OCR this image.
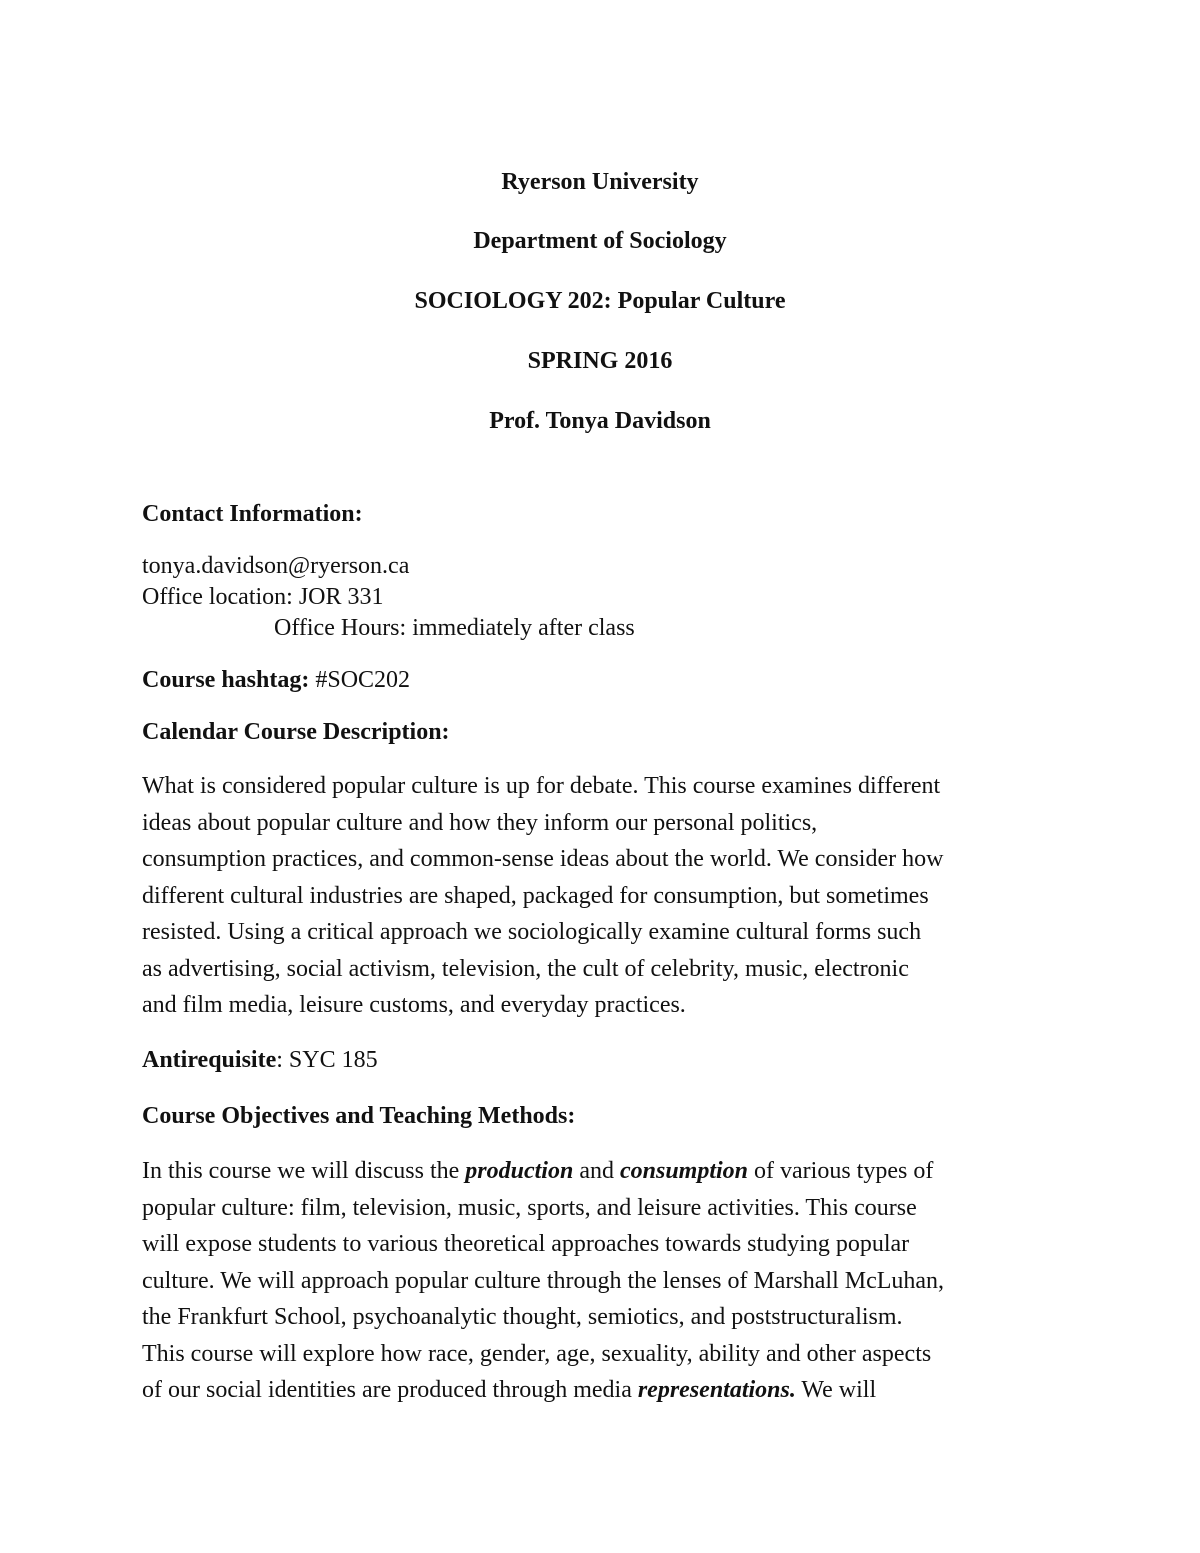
Ryerson University
Department of Sociology
SOCIOLOGY 202: Popular Culture
SPRING 2016
Prof. Tonya Davidson
Contact Information:
tonya.davidson@ryerson.ca
Office location: JOR 331
Office Hours: immediately after class
Course hashtag: #SOC202
Calendar Course Description:
What is considered popular culture is up for debate. This course examines different
ideas about popular culture and how they inform our personal politics,
consumption practices, and common-sense ideas about the world. We consider how
different cultural industries are shaped, packaged for consumption, but sometimes
resisted. Using a critical approach we sociologically examine cultural forms such
as advertising, social activism, television, the cult of celebrity, music, electronic
and film media, leisure customs, and everyday practices.
Antirequisite: SYC 185
Course Objectives and Teaching Methods:
In this course we will discuss the production and consumption of various types of
popular culture: film, television, music, sports, and leisure activities. This course
will expose students to various theoretical approaches towards studying popular
culture. We will approach popular culture through the lenses of Marshall McLuhan,
the Frankfurt School, psychoanalytic thought, semiotics, and poststructuralism.
This course will explore how race, gender, age, sexuality, ability and other aspects
of our social identities are produced through media representations. We will
